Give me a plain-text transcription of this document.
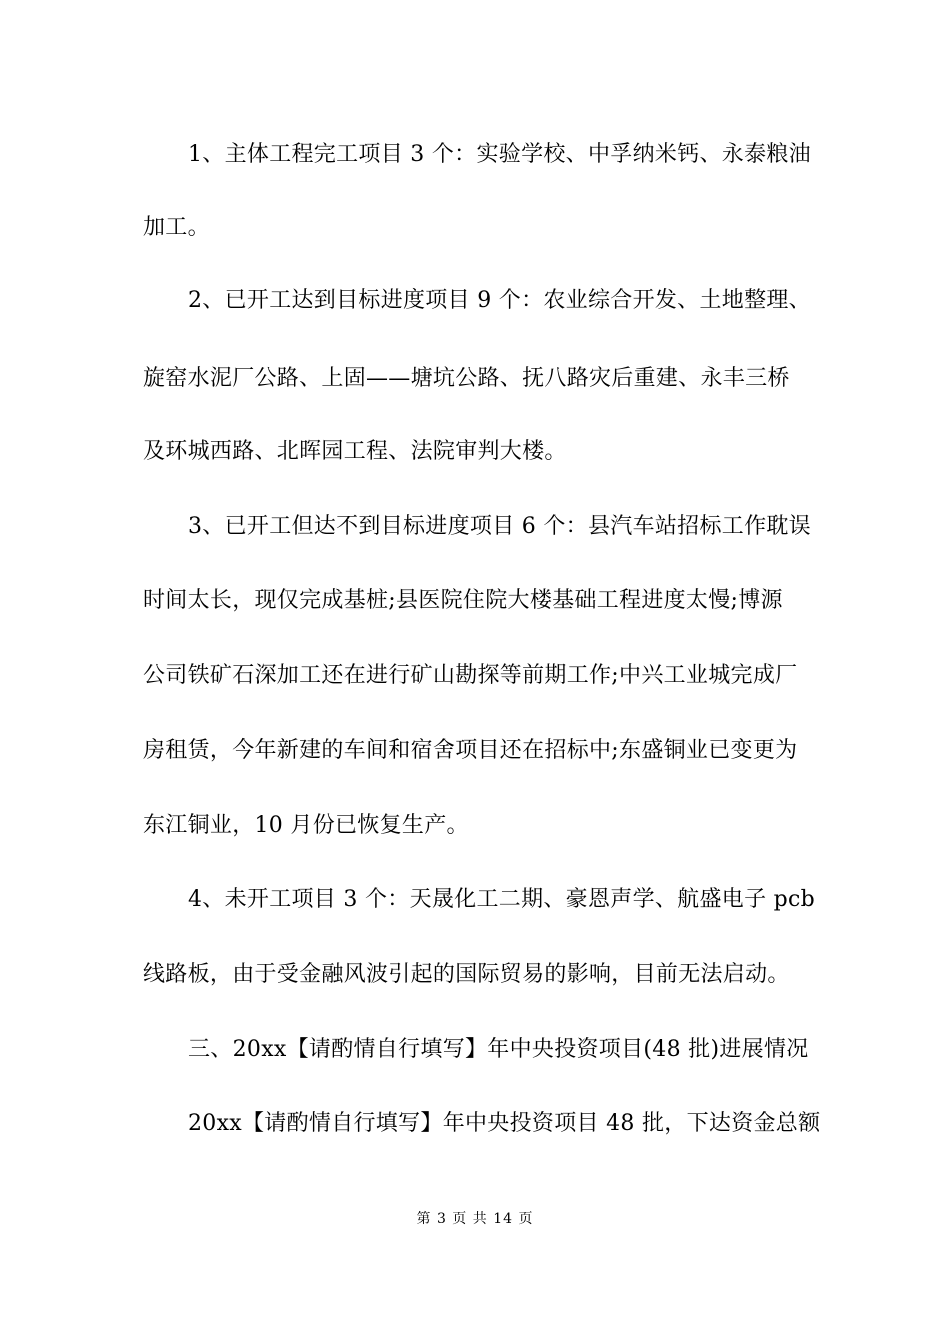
1、主体工程完工项目 3 个：实验学校、中孚纳米钙、永泰粮油
加工。
2、已开工达到目标进度项目 9 个：农业综合开发、土地整理、
旋窑水泥厂公路、上固——塘坑公路、抚八路灾后重建、永丰三桥
及环城西路、北晖园工程、法院审判大楼。
3、已开工但达不到目标进度项目 6 个：县汽车站招标工作耽误
时间太长，现仅完成基桩;县医院住院大楼基础工程进度太慢;博源
公司铁矿石深加工还在进行矿山勘探等前期工作;中兴工业城完成厂
房租赁，今年新建的车间和宿舍项目还在招标中;东盛铜业已变更为
东江铜业，10 月份已恢复生产。
4、未开工项目 3 个：天晟化工二期、豪恩声学、航盛电子 pcb
线路板，由于受金融风波引起的国际贸易的影响，目前无法启动。
三、20xx【请酌情自行填写】年中央投资项目(48 批)进展情况
20xx【请酌情自行填写】年中央投资项目 48 批，下达资金总额
第 3 页 共 14 页
